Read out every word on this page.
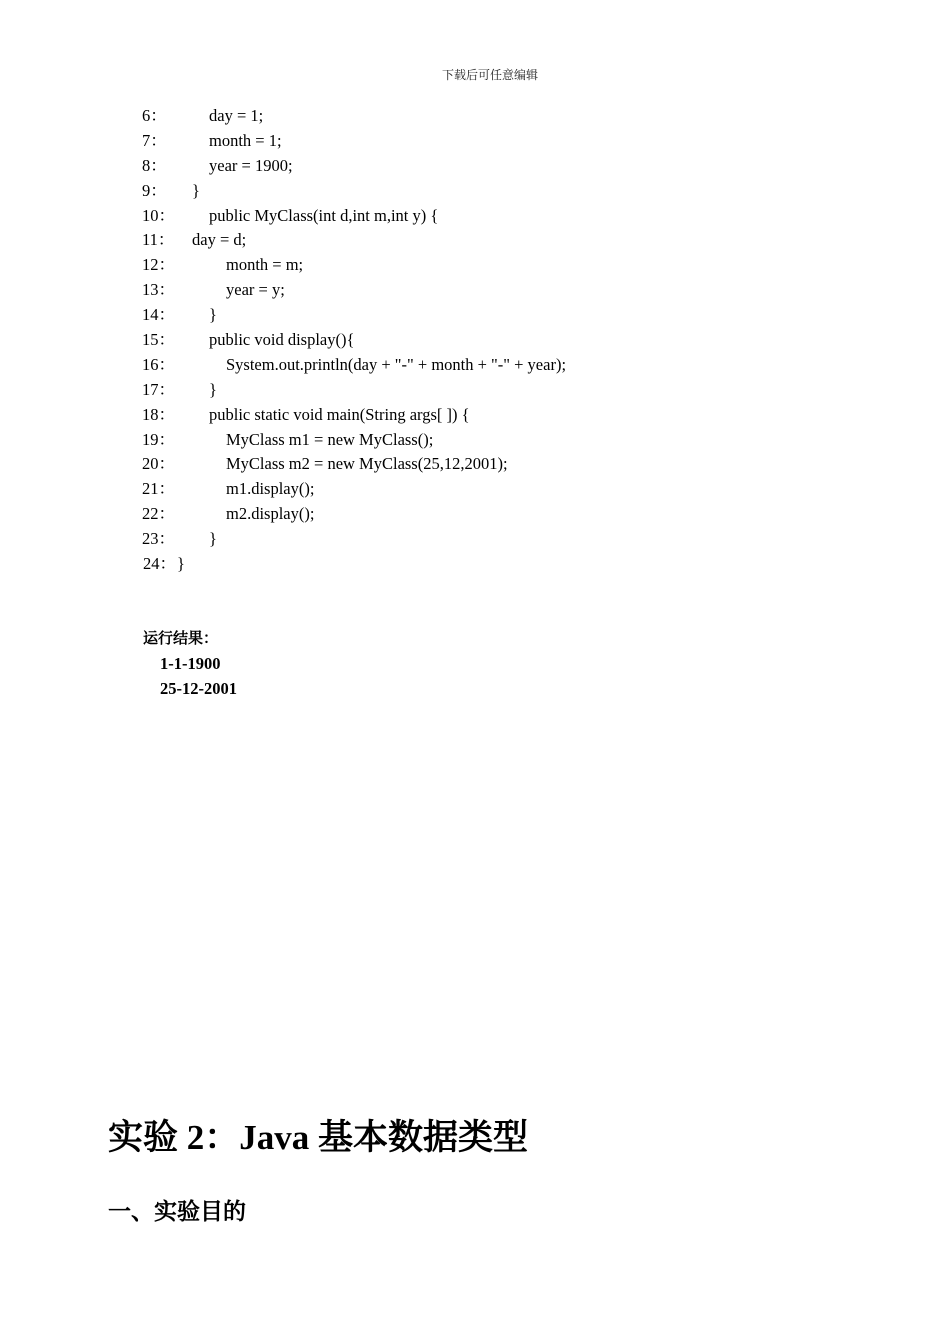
下载后可任意编辑

6：

	day = 1;

7：

	month = 1;

8：

	year = 1900;

9：

}

10：

public MyClass(int d,int m,int y) {

11：

day = d;

12：

	month = m;

13：

	year = y;

14：

}

15：

public void display(){

16：

	System.out.println(day + "-" + month + "-" + year);

17：

}

18：

public static void main(String args[ ]) {

19：

	MyClass m1 = new MyClass();

20：

	MyClass m2 = new MyClass(25,12,2001);

21：

	m1.display();

22：

	m2.display();

23：

}

24：

}

运行结果：
1-1-1900
25-12-2001
实验 2：Java 基本数据类型
一、实验目的
